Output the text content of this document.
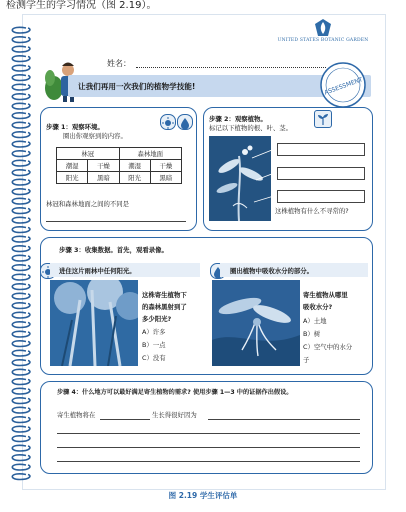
检测学生的学习情况（图 2.19）。
UNITED STATES BOTANIC GARDEN
姓名：
让我们再用一次我们的植物学技能!	ASSESSMENT
步骤 1：观察环境。
圈出你观察到的内容。
林冠		森林地面	
潮湿	干燥	潮湿	干燥
阳光	黑暗	阳光	黑暗
林冠和森林地面之间的不同是
步骤 2：观察植物。
标记以下植物的根、叶、茎。
这株植物有什么不寻常的?
步骤 3：收集数据。首先，观看录像。
进住这片雨林中任何阳光。
这株寄生植物下
的森林黑射到了
多少阳光?
A）许多
B）一点
C）没有
圈出植物中吸收水分的部分。
寄生植物从哪里
吸收水分?
A）土地
B）树
C）空气中的水分
子
步骤 4：什么地方可以最好满足寄生植物的需求? 使用步骤 1—3 中的证据作出假设。
寄生植物将在	生长得很好因为
图 2.19 学生评估单
